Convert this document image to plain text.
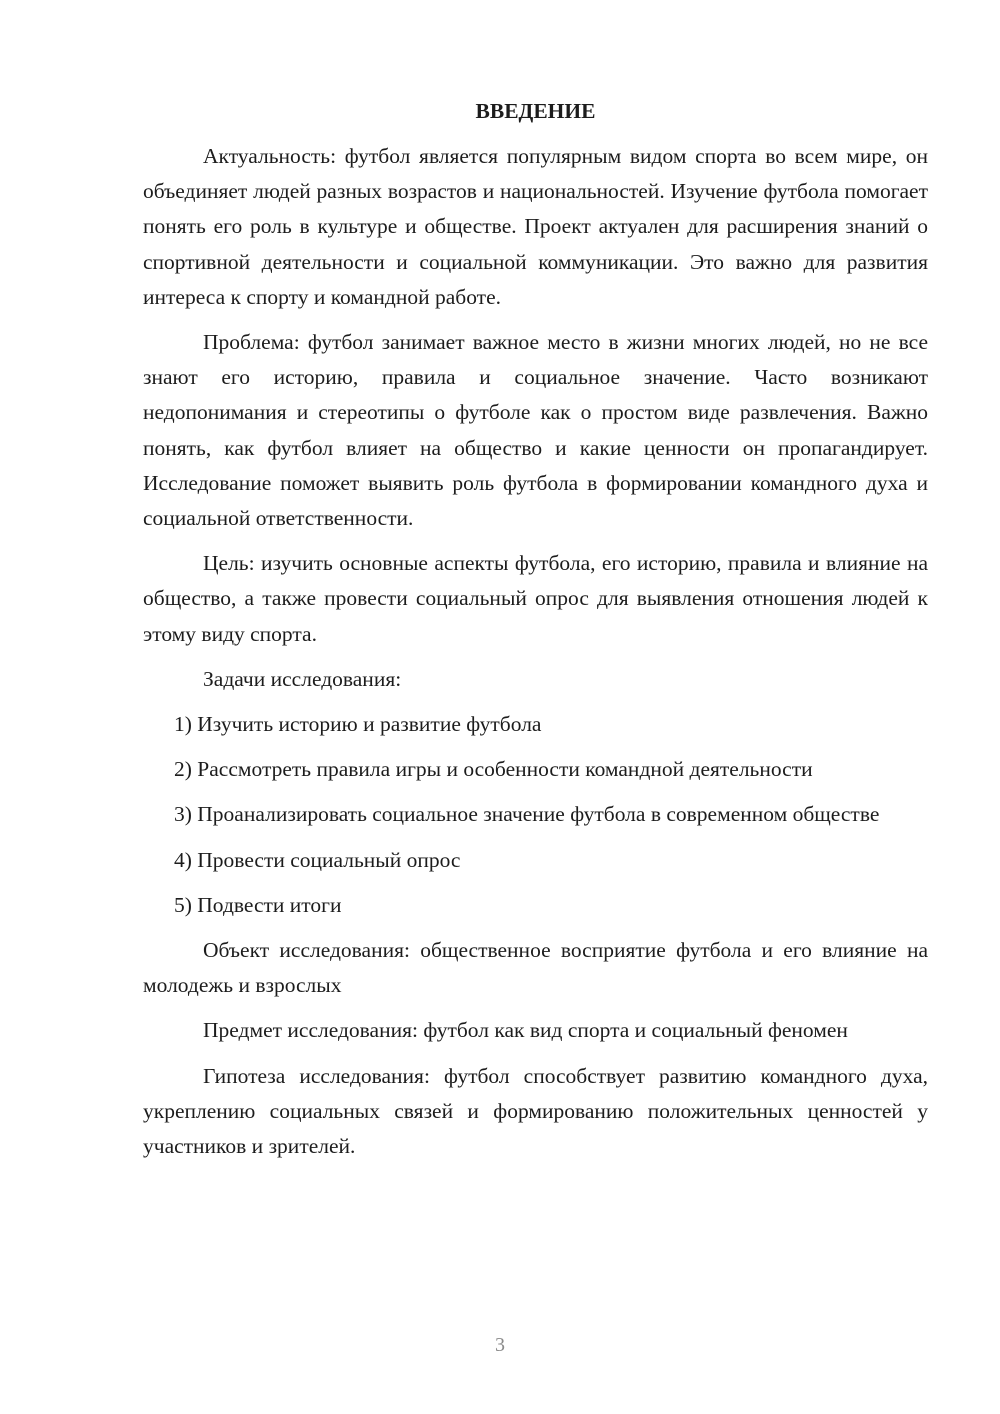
ВВЕДЕНИЕ

Актуальность: футбол является популярным видом спорта во всем мире, он объединяет людей разных возрастов и национальностей. Изучение футбола помогает понять его роль в культуре и обществе. Проект актуален для расширения знаний о спортивной деятельности и социальной коммуникации. Это важно для развития интереса к спорту и командной работе.

Проблема: футбол занимает важное место в жизни многих людей, но не все знают его историю, правила и социальное значение. Часто возникают недопонимания и стереотипы о футболе как о простом виде развлечения. Важно понять, как футбол влияет на общество и какие ценности он пропагандирует. Исследование поможет выявить роль футбола в формировании командного духа и социальной ответственности.

Цель: изучить основные аспекты футбола, его историю, правила и влияние на общество, а также провести социальный опрос для выявления отношения людей к этому виду спорта.

Задачи исследования:

1) Изучить историю и развитие футбола

2) Рассмотреть правила игры и особенности командной деятельности

3) Проанализировать социальное значение футбола в современном обществе

4) Провести социальный опрос

5) Подвести итоги

Объект исследования: общественное восприятие футбола и его влияние на молодежь и взрослых

Предмет исследования: футбол как вид спорта и социальный феномен

Гипотеза исследования: футбол способствует развитию командного духа, укреплению социальных связей и формированию положительных ценностей у участников и зрителей.

3
